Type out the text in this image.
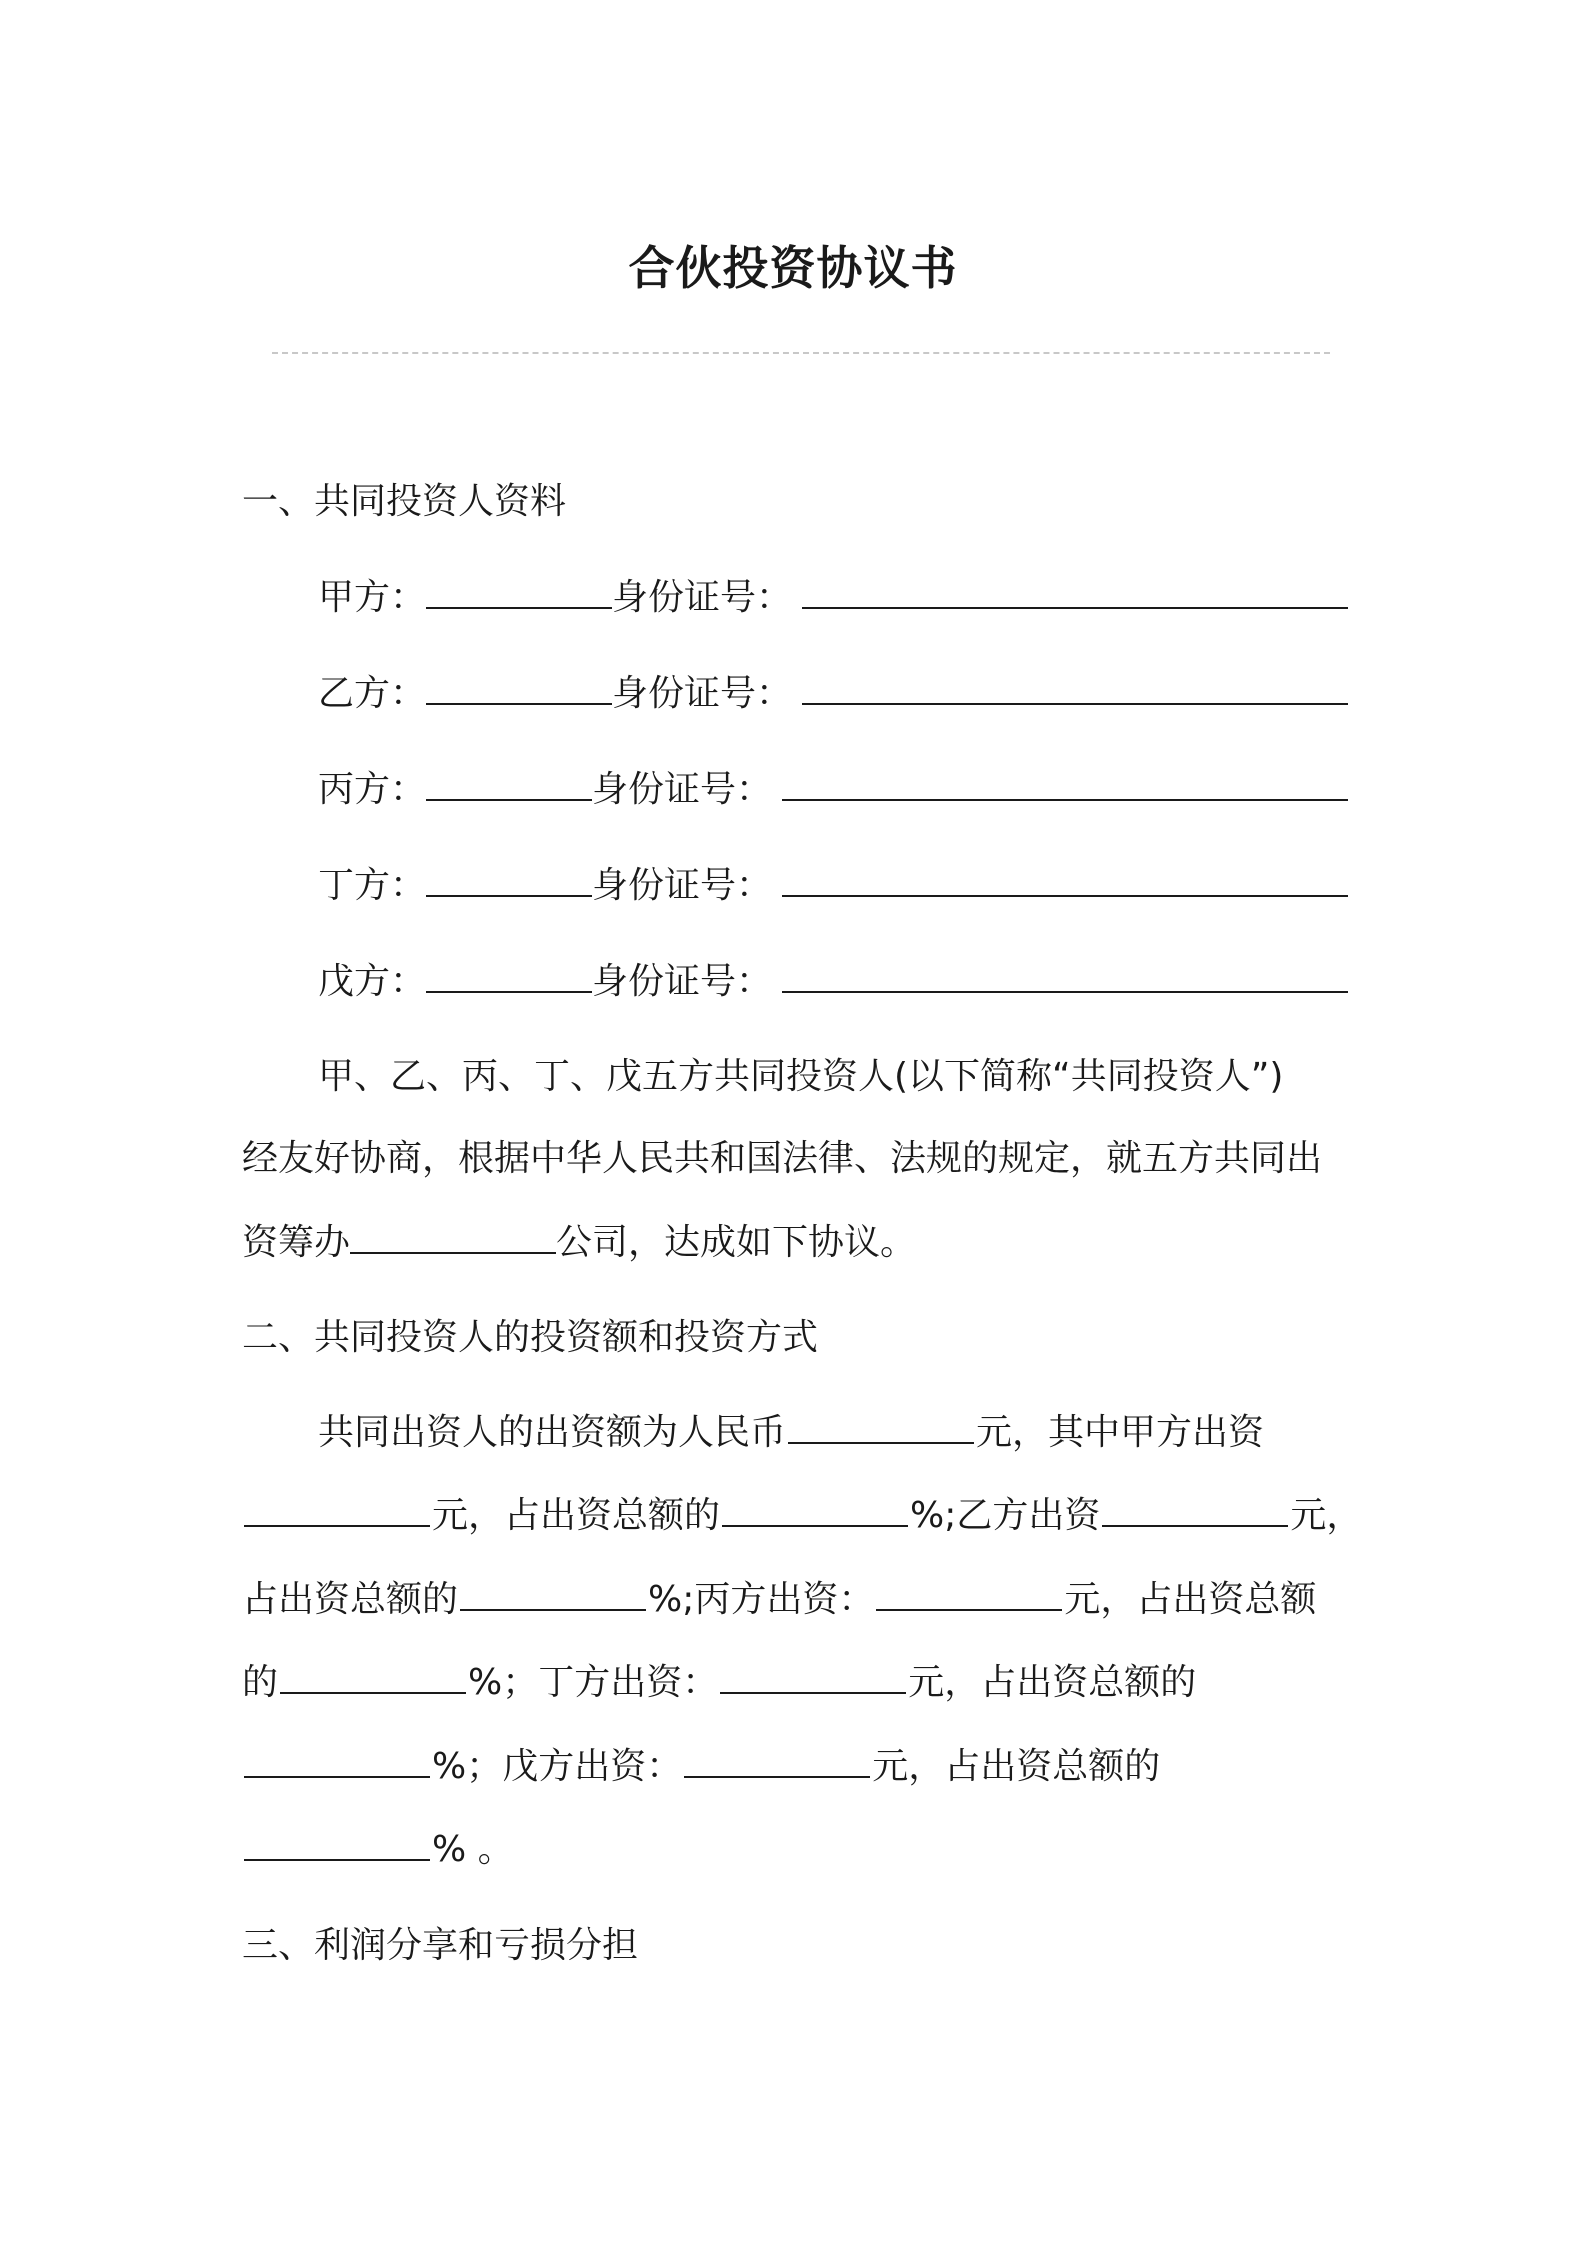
合伙投资协议书
一、共同投资人资料
甲方：	身份证号：
乙方：	身份证号：
丙方：	身份证号：
丁方：	身份证号：
戊方：	身份证号：
甲、乙、丙、丁、戊五方共同投资人(以下简称“共同投资人”)
经友好协商，根据中华人民共和国法律、法规的规定，就五方共同出
资筹办	公司，达成如下协议。
二、共同投资人的投资额和投资方式
共同出资人的出资额为人民币	元，其中甲方出资
元，占出资总额的	%;乙方出资	元，
占出资总额的	%;丙方出资：	元，占出资总额
的	%；丁方出资：	元，占出资总额的
%；戊方出资：	元，占出资总额的
% 。
三、利润分享和亏损分担
